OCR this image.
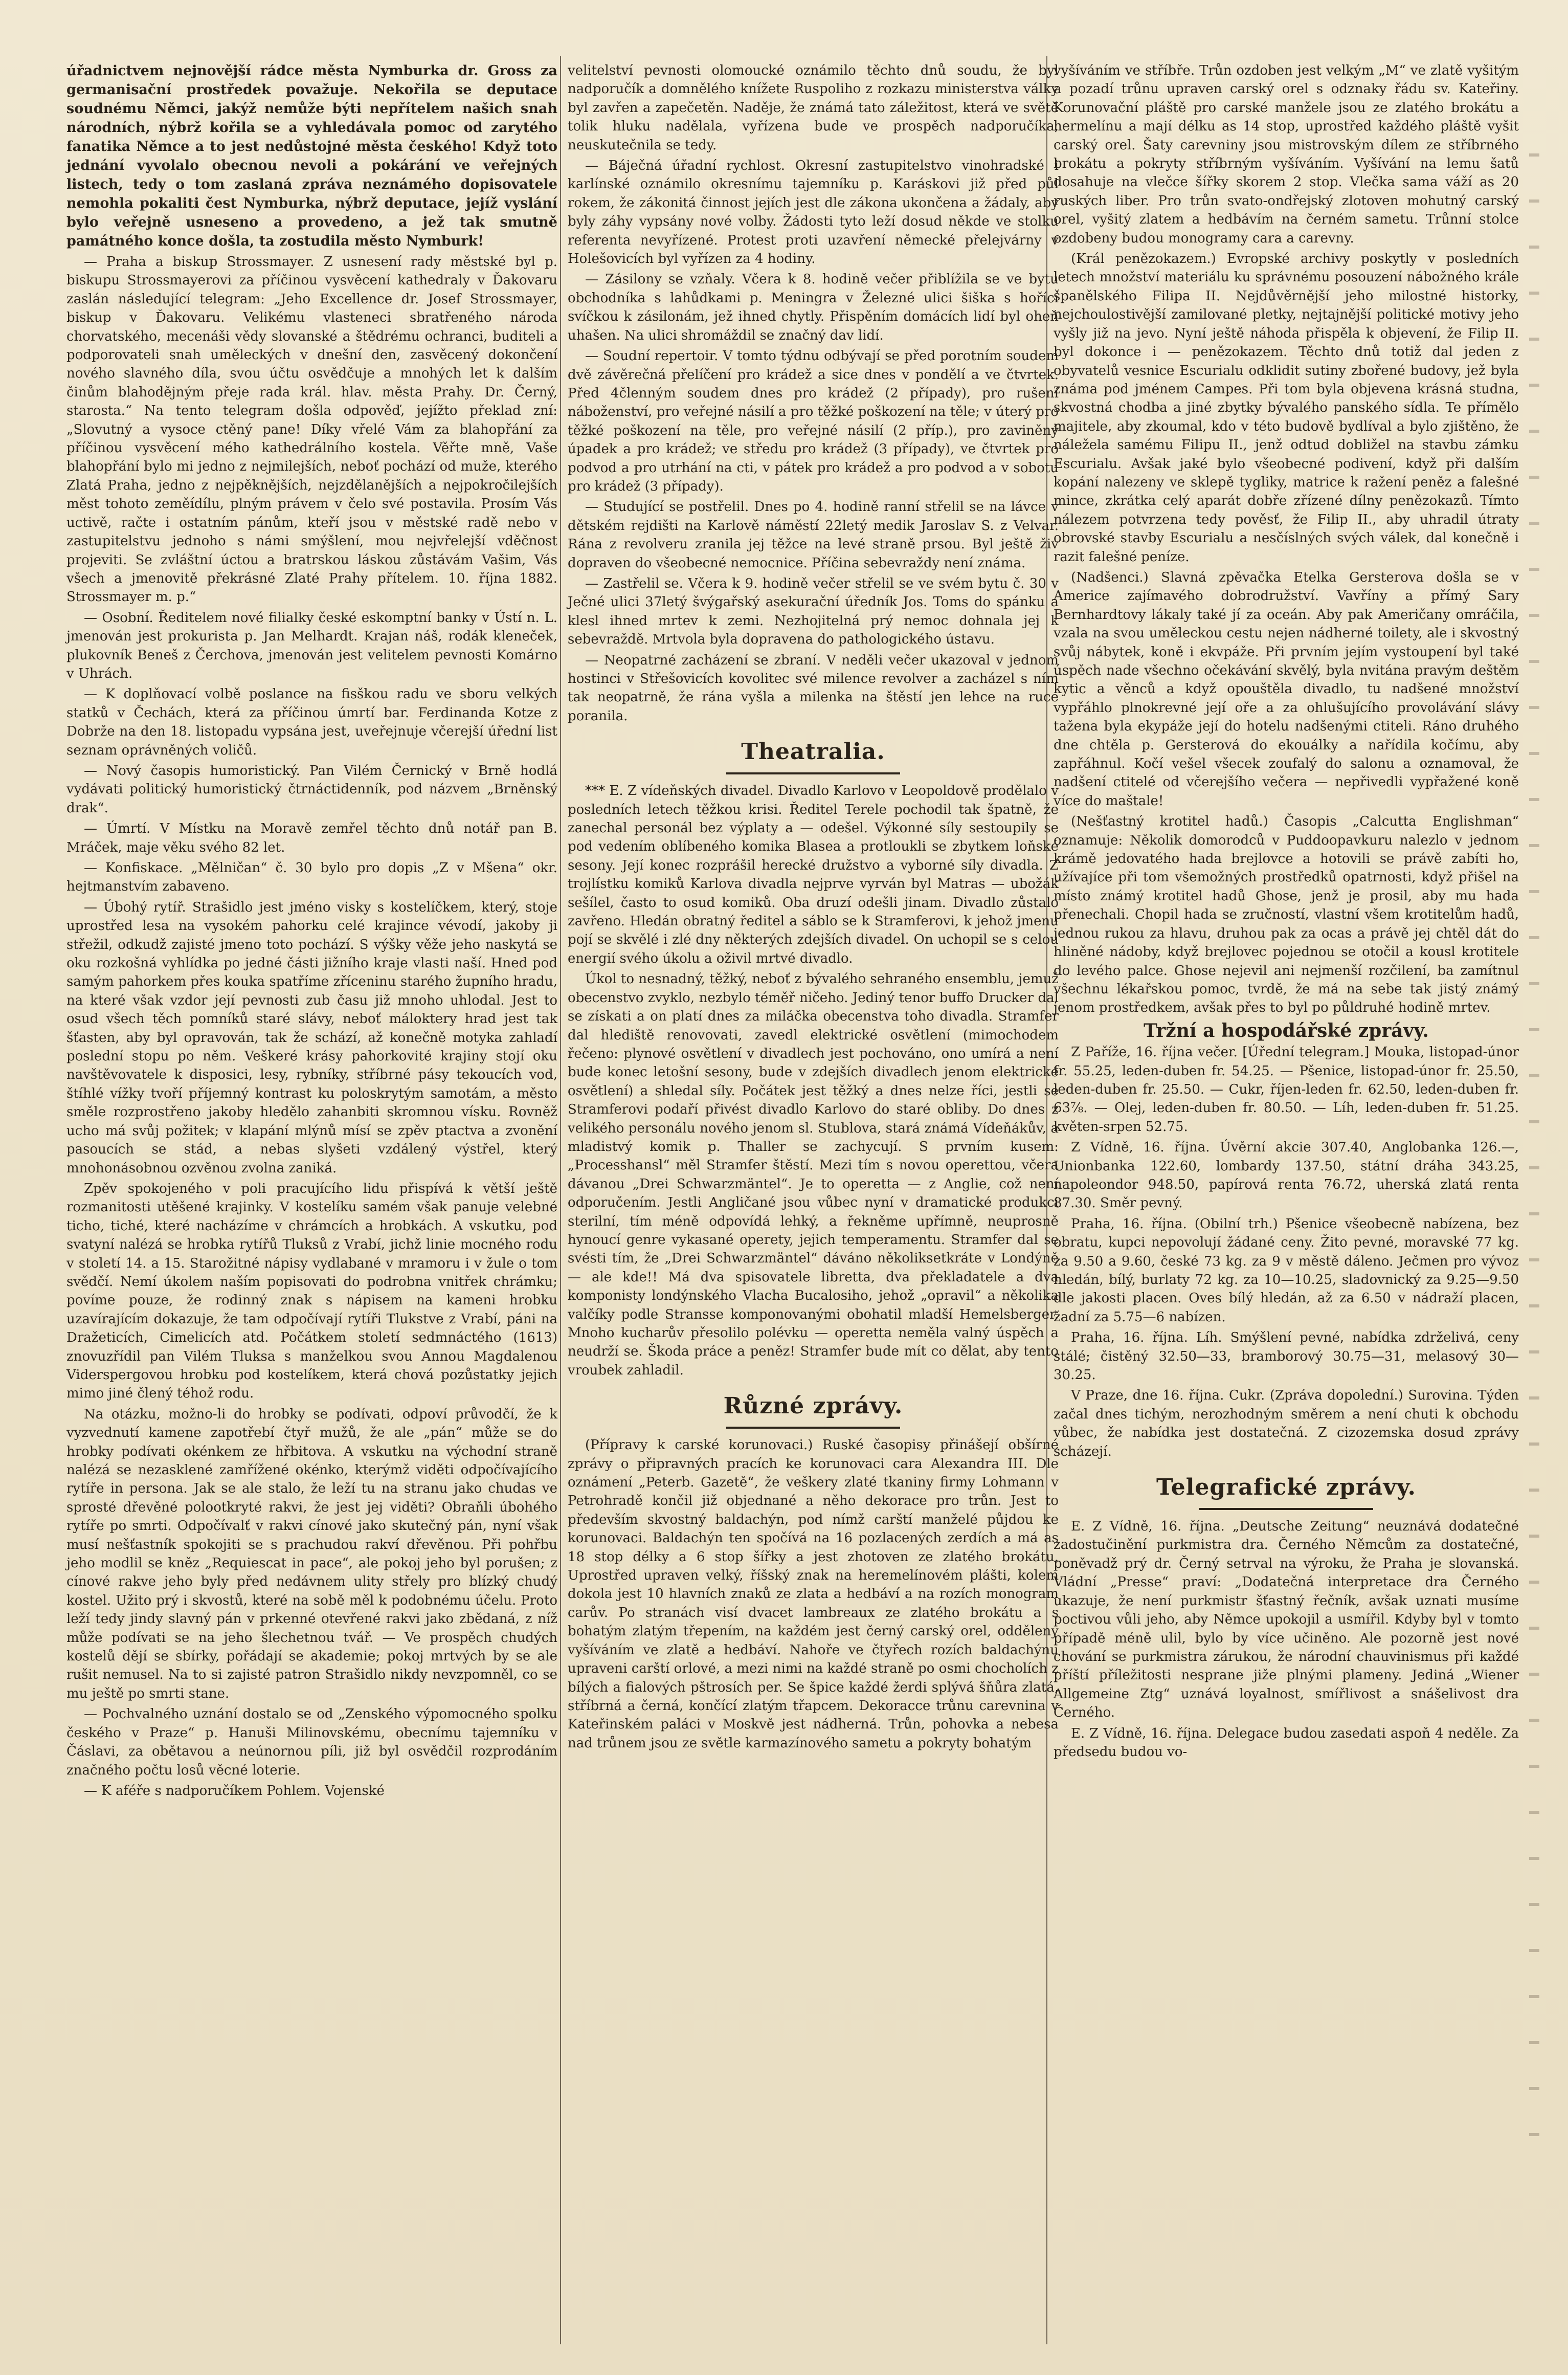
úřadnictvem nejnovější rádce města Nymburka dr. Gross za germanisační prostředek považuje. Nekořila se deputace soudnému Němci, jakýž nemůže býti nepřítelem našich snah národních, nýbrž kořila se a vyhledávala pomoc od zarytého fanatika Němce a to jest nedůstojné města českého! Když toto jednání vyvolalo obecnou nevoli a pokárání ve veřejných listech, tedy o tom zaslaná zpráva neznámého dopisovatele nemohla pokaliti čest Nymburka, nýbrž deputace, jejíž vyslání bylo veřejně usneseno a provedeno, a jež tak smutně památného konce došla, ta zostudila město Nymburk!

— Praha a biskup Strossmayer. Z usnesení rady městské byl p. biskupu Strossmayerovi za příčinou vysvěcení kathedraly v Ďakovaru zaslán následující telegram: „Jeho Excellence dr. Josef Strossmayer, biskup v Ďakovaru. Velikému vlasteneci sbratřeného národa chorvatského, mecenáši vědy slovanské a štědrému ochranci, buditeli a podporovateli snah uměleckých v dnešní den, zasvěcený dokončení nového slavného díla, svou účtu osvědčuje a mnohých let k dalším činům blahodějným přeje rada král. hlav. města Prahy. Dr. Černý, starosta.“ Na tento telegram došla odpověď, jejížto překlad zní: „Slovutný a vysoce ctěný pane! Díky vřelé Vám za blahopřání za příčinou vysvěcení mého kathedrálního kostela. Věřte mně, Vaše blahopřání bylo mi jedno z nejmilejších, neboť pochází od muže, kterého Zlatá Praha, jedno z nejpěknějších, nejzdělanějších a nejpokročilejších měst tohoto zeměídílu, plným právem v čelo své postavila. Prosím Vás uctivě, račte i ostatním pánům, kteří jsou v městské radě nebo v zastupitelstvu jednoho s námi smýšlení, mou nejvřelejší vděčnost projeviti. Se zvláštní úctou a bratrskou láskou zůstávám Vašim, Vás všech a jmenovitě překrásné Zlaté Prahy přítelem. 10. října 1882. Strossmayer m. p.“

— Osobní. Ředitelem nové filialky české eskomptní banky v Ústí n. L. jmenován jest prokurista p. Jan Melhardt. Krajan náš, rodák kleneček, plukovník Beneš z Čerchova, jmenován jest velitelem pevnosti Komárno v Uhrách.

— K doplňovací volbě poslance na fisškou radu ve sboru velkých statků v Čechách, která za příčinou úmrtí bar. Ferdinanda Kotze z Dobrže na den 18. listopadu vypsána jest, uveřejnuje včerejší úřední list seznam oprávněných voličů.

— Nový časopis humoristický. Pan Vilém Černický v Brně hodlá vydávati politický humoristický čtrnáctidenník, pod názvem „Brněnský drak“.

— Úmrtí. V Místku na Moravě zemřel těchto dnů notář pan B. Mráček, maje věku svého 82 let.

— Konfiskace. „Mělničan“ č. 30 bylo pro dopis „Z v Mšena“ okr. hejtmanstvím zabaveno.

— Úbohý rytíř. Strašidlo jest jméno visky s kostelíčkem, který, stoje uprostřed lesa na vysokém pahorku celé krajince vévodí, jakoby ji střežil, odkudž zajisté jmeno toto pochází. S výšky věže jeho naskytá se oku rozkošná vyhlídka po jedné části jižního kraje vlasti naší. Hned pod samým pahorkem přes kouka spatříme zříceninu starého župního hradu, na které však vzdor její pevnosti zub času již mnoho uhlodal. Jest to osud všech těch pomníků staré slávy, neboť máloktery hrad jest tak šťasten, aby byl opravován, tak že schází, až konečně motyka zahladí poslední stopu po něm. Veškeré krásy pahorkovité krajiny stojí oku navštěvovatele k disposici, lesy, rybníky, stříbrné pásy tekoucích vod, štíhlé vížky tvoří příjemný kontrast ku poloskrytým samotám, a město směle rozprostřeno jakoby hledělo zahanbiti skromnou vísku. Rovněž ucho má svůj požitek; v klapání mlýnů mísí se zpěv ptactva a zvonění pasoucích se stád, a nebas slyšeti vzdálený výstřel, který mnohonásobnou ozvěnou zvolna zaniká.

Zpěv spokojeného v poli pracujícího lidu přispívá k větší ještě rozmanitosti utěšené krajinky. V kostelíku samém však panuje velebné ticho, tiché, které nacházíme v chrámcích a hrobkách. A vskutku, pod svatyní nalézá se hrobka rytířů Tluksů z Vrabí, jichž linie mocného rodu v století 14. a 15. Starožitné nápisy vydlabané v mramoru i v žule o tom svědčí. Nemí úkolem naším popisovati do podrobna vnitřek chrámku; povíme pouze, že rodinný znak s nápisem na kameni hrobku uzavírajícím dokazuje, že tam odpočívají rytíři Tlukstve z Vrabí, páni na Dražeticích, Cimelicích atd. Počátkem století sedmnáctého (1613) znovuzřídil pan Vilém Tluksa s manželkou svou Annou Magdalenou Viderspergovou hrobku pod kostelíkem, která chová pozůstatky jejich mimo jiné člený téhož rodu.

Na otázku, možno-li do hrobky se podívati, odpoví průvodčí, že k vyzvednutí kamene zapotřebí čtyř mužů, že ale „pán“ může se do hrobky podívati okénkem ze hřbitova. A vskutku na východní straně nalézá se nezasklené zamřížené okénko, kterýmž viděti odpočívajícího rytíře in persona. Jak se ale stalo, že leží tu na stranu jako chudas ve sprosté dřevěné polootkryté rakvi, že jest jej viděti? Obraňli úbohého rytíře po smrti. Odpočívalť v rakvi cínové jako skutečný pán, nyní však musí nešťastník spokojiti se s prachudou rakví dřevěnou. Při pohřbu jeho modlil se kněz „Requiescat in pace“, ale pokoj jeho byl porušen; z cínové rakve jeho byly před nedávnem ulity střely pro blízký chudý kostel. Užito prý i skvostů, které na sobě měl k podobnému účelu. Proto leží tedy jindy slavný pán v prkenné otevřené rakvi jako zbědaná, z níž může podívati se na jeho šlechetnou tvář. — Ve prospěch chudých kostelů dějí se sbírky, pořádají se akademie; pokoj mrtvých by se ale rušit nemusel. Na to si zajisté patron Strašidlo nikdy nevzpomněl, co se mu ještě po smrti stane.

— Pochvalného uznání dostalo se od „Zenského výpomocného spolku českého v Praze“ p. Hanuši Milinovskému, obecnímu tajemníku v Čáslavi, za obětavou a neúnornou píli, již byl osvědčil rozprodáním značného počtu losů věcné loterie.

— K aféře s nadporučíkem Pohlem. Vojenské

velitelství pevnosti olomoucké oznámilo těchto dnů soudu, že byl nadporučík a domnělého knížete Ruspoliho z rozkazu ministerstva války byl zavřen a zapečetěn. Naděje, že známá tato záležitost, která ve světě tolik hluku nadělala, vyřízena bude ve prospěch nadporučíka, neuskutečnila se tedy.

— Báječná úřadní rychlost. Okresní zastupitelstvo vinohradské i karlínské oznámilo okresnímu tajemníku p. Karáskovi již před půl rokem, že zákonitá činnost jejích jest dle zákona ukončena a žádaly, aby byly záhy vypsány nové volby. Žádosti tyto leží dosud někde ve stolku referenta nevyřízené. Protest proti uzavření německé přelejvárny v Holešovicích byl vyřízen za 4 hodiny.

— Zásilony se vzňaly. Včera k 8. hodině večer přiblížila se ve bytu obchodníka s lahůdkami p. Meningra v Železné ulici šiška s hořící svíčkou k zásilonám, jež ihned chytly. Přispěním domácích lidí byl oheň uhašen. Na ulici shromáždil se značný dav lidí.

— Soudní repertoir. V tomto týdnu odbývají se před porotním soudem dvě závěrečná přelíčení pro krádež a sice dnes v pondělí a ve čtvrtek. Před 4členným soudem dnes pro krádež (2 případy), pro rušení náboženství, pro veřejné násilí a pro těžké poškození na těle; v úterý pro těžké poškození na těle, pro veřejné násilí (2 příp.), pro zaviněný úpadek a pro krádež; ve středu pro krádež (3 případy), ve čtvrtek pro podvod a pro utrhání na cti, v pátek pro krádež a pro podvod a v sobotu pro krádež (3 případy).

— Studující se postřelil. Dnes po 4. hodině ranní střelil se na lávce v dětském rejdišti na Karlově náměstí 22letý medik Jaroslav S. z Velvar. Rána z revolveru zranila jej těžce na levé straně prsou. Byl ještě živ dopraven do všeobecné nemocnice. Příčina sebevraždy není známa.

— Zastřelil se. Včera k 9. hodině večer střelil se ve svém bytu č. 30 v Ječné ulici 37letý švýgařský asekurační úředník Jos. Toms do spánku a klesl ihned mrtev k zemi. Nezhojitelná prý nemoc dohnala jej k sebevraždě. Mrtvola byla dopravena do pathologického ústavu.

— Neopatrné zacházení se zbraní. V neděli večer ukazoval v jednom hostinci v Střešovicích kovolitec své milence revolver a zacházel s ním tak neopatrně, že rána vyšla a milenka na štěstí jen lehce na ruce poranila.

Theatralia.

*** E. Z vídeňských divadel. Divadlo Karlovo v Leopoldově prodělalo v posledních letech těžkou krisi. Ředitel Terele pochodil tak špatně, že zanechal personál bez výplaty a — odešel. Výkonné síly sestoupily se pod vedením oblíbeného komika Blasea a protloukli se zbytkem loňské sesony. Její konec rozprášil herecké družstvo a vyborné síly divadla. Z trojlístku komiků Karlova divadla nejprve vyrván byl Matras — ubožák sešílel, často to osud komiků. Oba druzí odešli jinam. Divadlo zůstalo zavřeno. Hledán obratný ředitel a sáblo se k Stramferovi, k jehož jmenu pojí se skvělé i zlé dny některých zdejších divadel. On uchopil se s celou energií svého úkolu a oživil mrtvé divadlo.

Úkol to nesnadný, těžký, neboť z bývalého sehraného ensemblu, jemuž obecenstvo zvyklo, nezbylo téměř ničeho. Jediný tenor buffo Drucker dal se získati a on platí dnes za miláčka obecenstva toho divadla. Stramfer dal hlediště renovovati, zavedl elektrické osvětlení (mimochodem řečeno: plynové osvětlení v divadlech jest pochováno, ono umírá a není bude konec letošní sesony, bude v zdejších divadlech jenom elektrické osvětlení) a shledal síly. Počátek jest těžký a dnes nelze říci, jestli se Stramferovi podaří přivést divadlo Karlovo do staré obliby. Do dnes z velikého personálu nového jenom sl. Stublova, stará známá Vídeňákův, a mladistvý komik p. Thaller se zachycují. S prvním kusem: „Processhansl“ měl Stramfer štěstí. Mezi tím s novou operettou, včera dávanou „Drei Schwarzmäntel“. Je to operetta — z Anglie, což není odporučením. Jestli Angličané jsou vůbec nyní v dramatické produkci sterilní, tím méně odpovídá lehký, a řekněme upřímně, neuprosně hynoucí genre vykasané operety, jejich temperamentu. Stramfer dal se svésti tím, že „Drei Schwarzmäntel“ dáváno několiksetkráte v Londýně — ale kde!! Má dva spisovatele libretta, dva překladatele a dva komponisty londýnského Vlacha Bucalosiho, jehož „opravil“ a několika valčíky podle Stransse komponovanými obohatil mladší Hemelsberger. Mnoho kucharův přesolilo polévku — operetta neměla valný úspěch a neudrží se. Škoda práce a peněz! Stramfer bude mít co dělat, aby tento vroubek zahladil.

Různé zprávy.

(Přípravy k carské korunovaci.) Ruské časopisy přinášejí obšírné zprávy o připravných pracích ke korunovaci cara Alexandra III. Dle oznámení „Peterb. Gazetě“, že veškery zlaté tkaniny firmy Lohmann v Petrohradě končil již objednané a něho dekorace pro trůn. Jest to především skvostný baldachýn, pod nímž carští manželé půjdou ke korunovaci. Baldachýn ten spočívá na 16 pozlacených zerdích a má as 18 stop délky a 6 stop šířky a jest zhotoven ze zlatého brokátu. Uprostřed upraven velký, říšský znak na heremelínovém plášti, kolem dokola jest 10 hlavních znaků ze zlata a hedbáví a na rozích monogram carův. Po stranách visí dvacet lambreaux ze zlatého brokátu a s bohatým zlatým třepením, na každém jest černý carský orel, odděleny vyšíváním ve zlatě a hedbáví. Nahoře ve čtyřech rozích baldachýnu upraveni carští orlové, a mezi nimi na každé straně po osmi chocholích z bílých a fialových pštrosích per. Se špice každé žerdi splývá šňůra zlatá, stříbrná a černá, končící zlatým třapcem. Dekoracce trůnu carevnina v Kateřinském paláci v Moskvě jest nádherná. Trůn, pohovka a nebesa nad trůnem jsou ze světle karmazínového sametu a pokryty bohatým

vyšíváním ve stříbře. Trůn ozdoben jest velkým „M“ ve zlatě vyšitým a pozadí trůnu upraven carský orel s odznaky řádu sv. Kateřiny. Korunovační pláště pro carské manžele jsou ze zlatého brokátu a hermelínu a mají délku as 14 stop, uprostřed každého pláště vyšit carský orel. Šaty carevniny jsou mistrovským dílem ze stříbrného brokátu a pokryty stříbrným vyšíváním. Vyšívání na lemu šatů dosahuje na vlečce šířky skorem 2 stop. Vlečka sama váží as 20 ruských liber. Pro trůn svato-ondřejský zlotoven mohutný carský orel, vyšitý zlatem a hedbávím na černém sametu. Trůnní stolce ozdobeny budou monogramy cara a carevny.

(Král penězokazem.) Evropské archivy poskytly v posledních letech množství materiálu ku správnému posouzení nábožného krále španělského Filipa II. Nejdůvěrnější jeho milostné historky, nejchoulostivější zamilované pletky, nejtajnější politické motivy jeho vyšly již na jevo. Nyní ještě náhoda přispěla k objevení, že Filip II. byl dokonce i — penězokazem. Těchto dnů totiž dal jeden z obyvatelů vesnice Escurialu odklidit sutiny zbořené budovy, jež byla známa pod jménem Campes. Při tom byla objevena krásná studna, skvostná chodba a jiné zbytky bývalého panského sídla. Te přímělo majitele, aby zkoumal, kdo v této budově bydlíval a bylo zjištěno, že náležela samému Filipu II., jenž odtud dobližel na stavbu zámku Escurialu. Avšak jaké bylo všeobecné podivení, když při dalším kopání nalezeny ve sklepě tygliky, matrice k ražení peněz a falešné mince, zkrátka celý aparát dobře zřízené dílny penězokazů. Tímto nálezem potvrzena tedy pověsť, že Filip II., aby uhradil útraty obrovské stavby Escurialu a nesčíslných svých válek, dal konečně i razit falešné peníze.

(Nadšenci.) Slavná zpěvačka Etelka Gersterova došla se v Americe zajímavého dobrodružství. Vavříny a přímý Sary Bernhardtovy lákaly také jí za oceán. Aby pak Američany omráčila, vzala na svou uměleckou cestu nejen nádherné toilety, ale i skvostný svůj nábytek, koně i ekvpáže. Při prvním jejím vystoupení byl také úspěch nade všechno očekávání skvělý, byla nvitána pravým deštěm kytic a věnců a když opouštěla divadlo, tu nadšené množství vypřáhlo plnokrevné její oře a za ohlušujícího provolávání slávy tažena byla ekypáže její do hotelu nadšenými ctiteli. Ráno druhého dne chtěla p. Gersterová do ekouálky a nařídila kočímu, aby zapřáhnul. Kočí vešel všecek zoufalý do salonu a oznamoval, že nadšení ctitelé od včerejšího večera — nepřivedli vypřažené koně více do maštale!

(Nešťastný krotitel hadů.) Časopis „Calcutta Englishman“ oznamuje: Několik domorodců v Puddoopavkuru nalezlo v jednom krámě jedovatého hada brejlovce a hotovili se právě zabíti ho, užívajíce při tom všemožných prostředků opatrnosti, když přišel na místo známý krotitel hadů Ghose, jenž je prosil, aby mu hada přenechali. Chopil hada se zručností, vlastní všem krotitelům hadů, jednou rukou za hlavu, druhou pak za ocas a právě jej chtěl dát do hliněné nádoby, když brejlovec pojednou se otočil a kousl krotitele do levého palce. Ghose nejevil ani nejmenší rozčilení, ba zamítnul všechnu lékařskou pomoc, tvrdě, že má na sebe tak jistý známý jenom prostředkem, avšak přes to byl po půldruhé hodině mrtev.

Tržní a hospodářské zprávy.

Z Paříže, 16. října večer. [Úřední telegram.] Mouka, listopad-únor fr. 55.25, leden-duben fr. 54.25. — Pšenice, listopad-únor fr. 25.50, leden-duben fr. 25.50. — Cukr, říjen-leden fr. 62.50, leden-duben fr. 63⅞. — Olej, leden-duben fr. 80.50. — Líh, leden-duben fr. 51.25. květen-srpen 52.75.

Z Vídně, 16. října. Úvěrní akcie 307.40, Anglobanka 126.—, Unionbanka 122.60, lombardy 137.50, státní dráha 343.25, napoleondor 948.50, papírová renta 76.72, uherská zlatá renta 87.30. Směr pevný.

Praha, 16. října. (Obilní trh.) Pšenice všeobecně nabízena, bez obratu, kupci nepovolují žádané ceny. Žito pevné, moravské 77 kg. za 9.50 a 9.60, české 73 kg. za 9 v městě dáleno. Ječmen pro vývoz hledán, bílý, burlaty 72 kg. za 10—10.25, sladovnický za 9.25—9.50 dle jakosti placen. Oves bílý hledán, až za 6.50 v nádraží placen, žadní za 5.75—6 nabízen.

Praha, 16. října. Líh. Smýšlení pevné, nabídka zdrželivá, ceny stálé; čistěný 32.50—33, bramborový 30.75—31, melasový 30—30.25.

V Praze, dne 16. října. Cukr. (Zpráva dopolední.) Surovina. Týden začal dnes tichým, nerozhodným směrem a není chuti k obchodu vůbec, že nabídka jest dostatečná. Z cizozemska dosud zprávy scházejí.

Telegrafické zprávy.

E. Z Vídně, 16. října. „Deutsche Zeitung“ neuznává dodatečné zadostučinění purkmistra dra. Černého Němcům za dostatečné, poněvadž prý dr. Černý setrval na výroku, že Praha je slovanská. Vládní „Presse“ praví: „Dodatečná interpretace dra Černého ukazuje, že není purkmistr šťastný řečník, avšak uznati musíme poctivou vůli jeho, aby Němce upokojil a usmířil. Kdyby byl v tomto případě méně ulil, bylo by více učiněno. Ale pozorně jest nové chování se purkmistra zárukou, že národní chauvinismus při každé příští příležitosti nesprane jiže plnými plameny. Jediná „Wiener Allgemeine Ztg“ uznává loyalnost, smířlivost a snášelivost dra Černého.

E. Z Vídně, 16. října. Delegace budou zasedati aspoň 4 neděle. Za předsedu budou vo-
